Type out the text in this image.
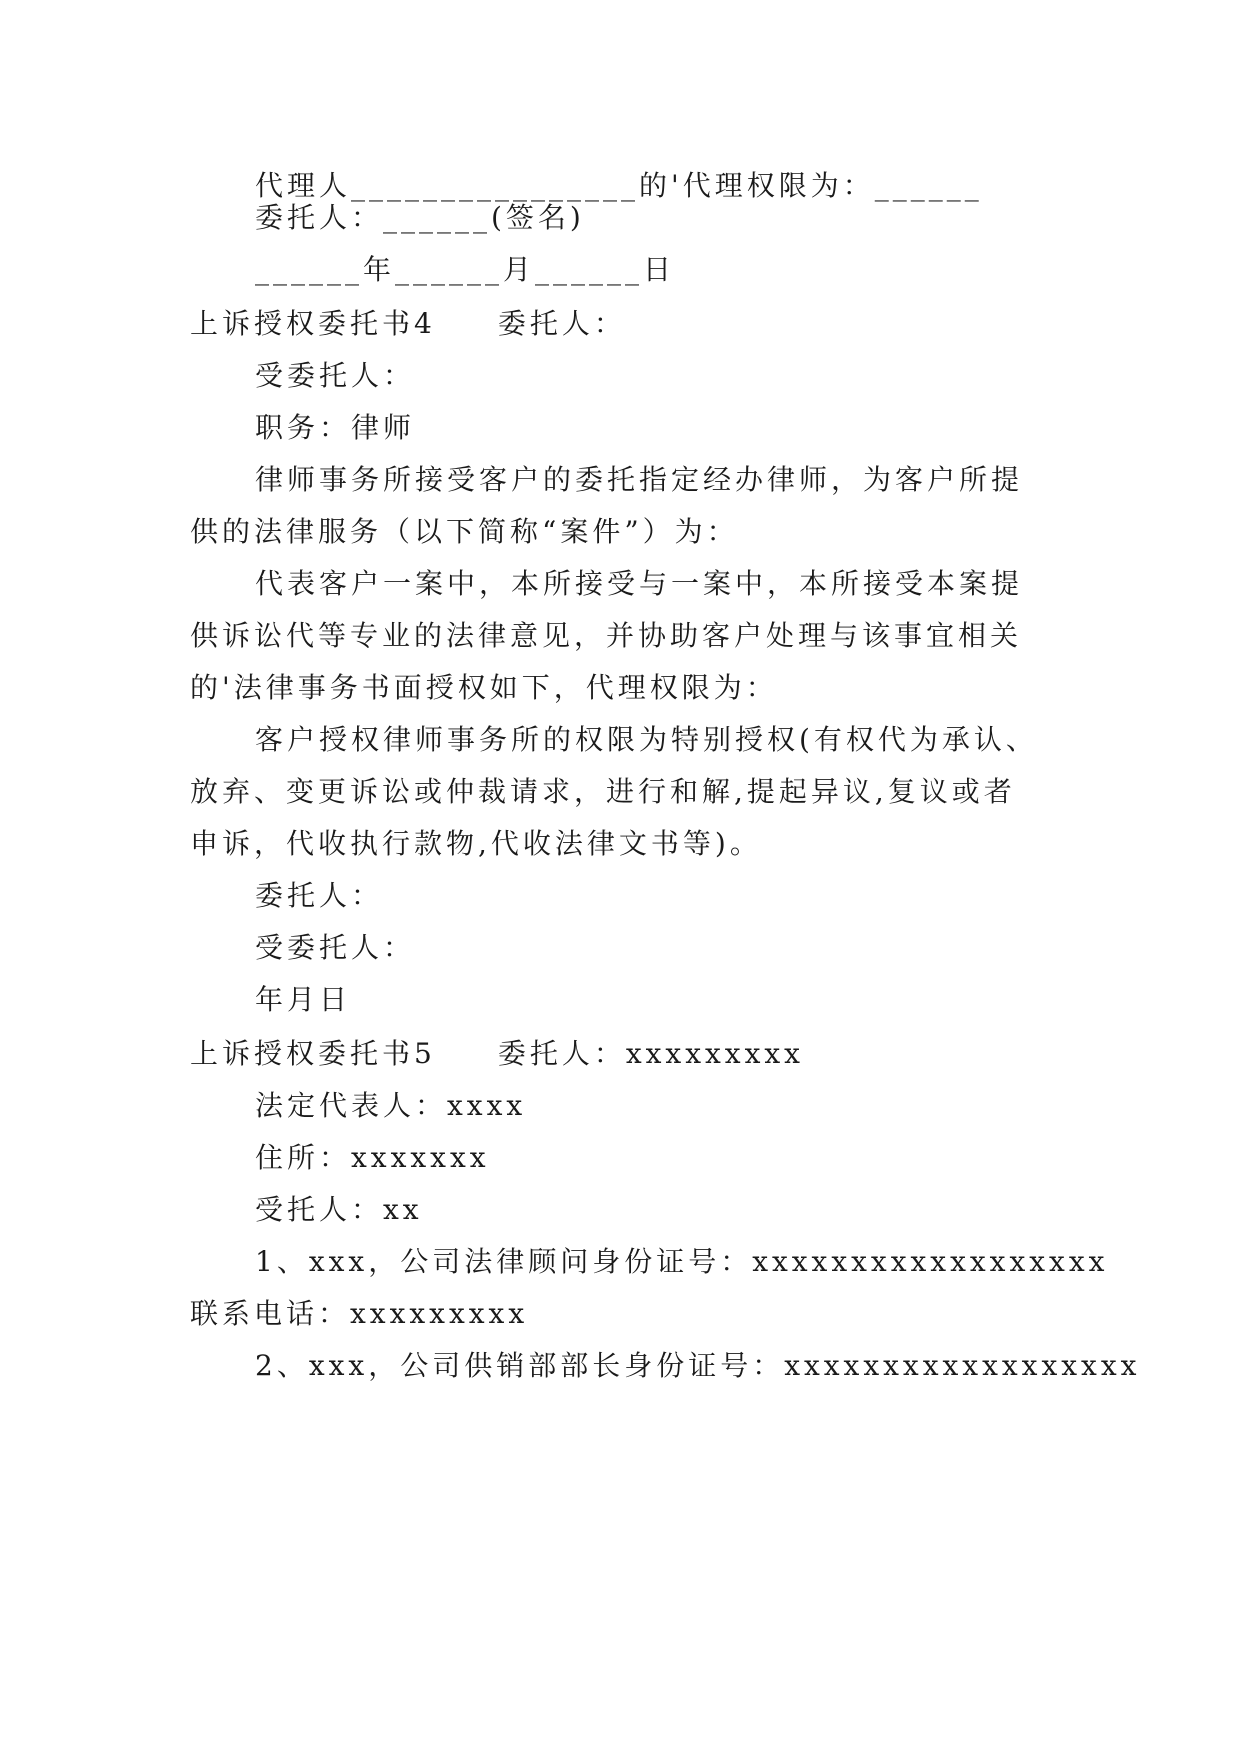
代理人________________的'代理权限为：______
委托人：______(签名)
______年______月______日
上诉授权委托书4 委托人：
受委托人：
职务：律师
律师事务所接受客户的委托指定经办律师，为客户所提
供的法律服务（以下简称“案件”）为：
代表客户一案中，本所接受与一案中，本所接受本案提
供诉讼代等专业的法律意见，并协助客户处理与该事宜相关
的'法律事务书面授权如下，代理权限为：
客户授权律师事务所的权限为特别授权(有权代为承认、
放弃、变更诉讼或仲裁请求，进行和解,提起异议,复议或者
申诉，代收执行款物,代收法律文书等)。
委托人：
受委托人：
年月日
上诉授权委托书5 委托人：xxxxxxxxx
法定代表人：xxxx
住所：xxxxxxx
受托人：xx
1、xxx，公司法律顾问身份证号：xxxxxxxxxxxxxxxxxx
联系电话：xxxxxxxxx
2、xxx，公司供销部部长身份证号：xxxxxxxxxxxxxxxxxx
